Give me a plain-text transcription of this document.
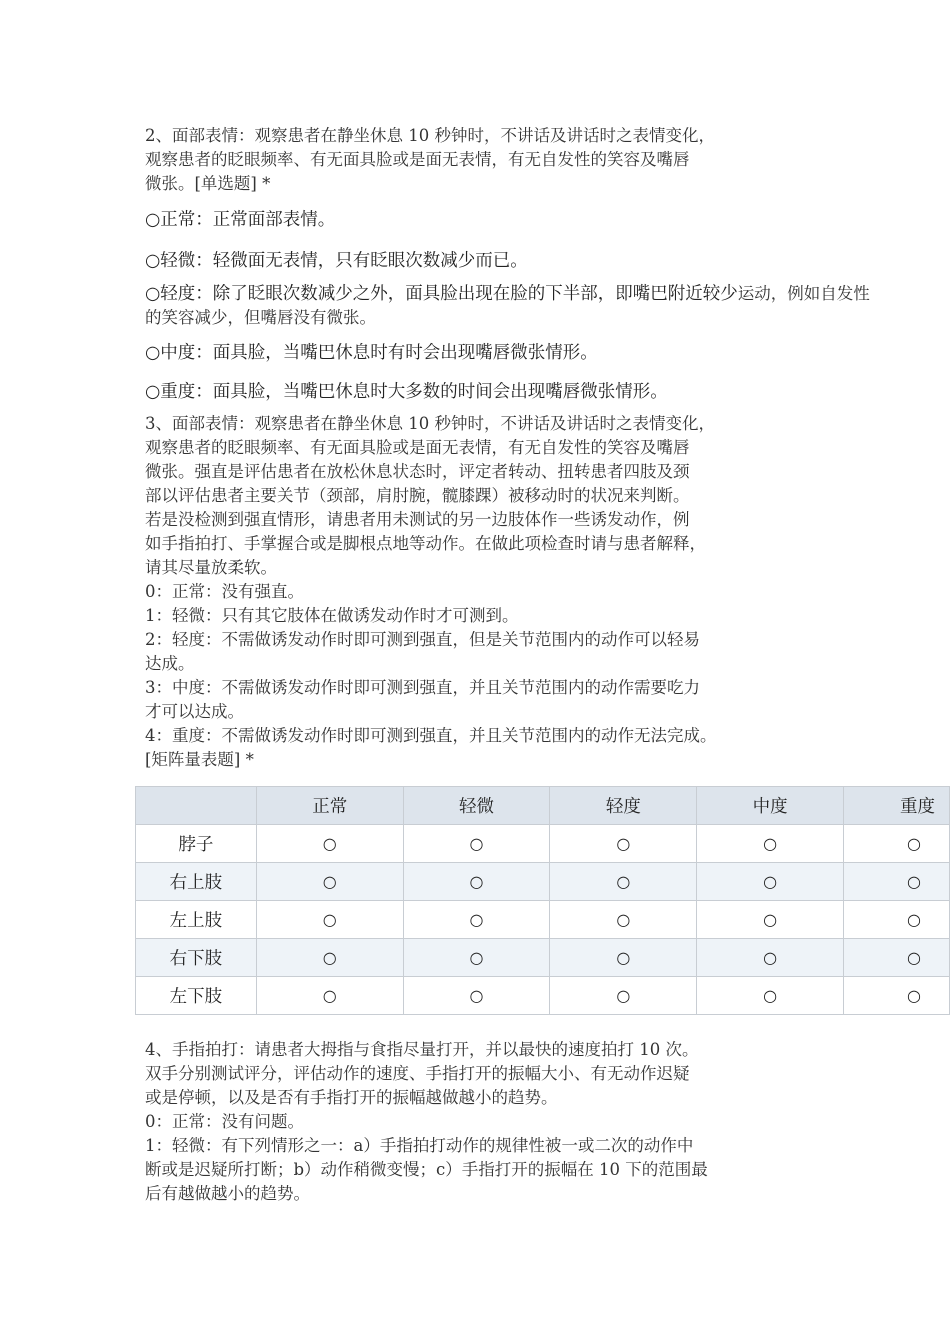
2、面部表情：观察患者在静坐休息 10 秒钟时，不讲话及讲话时之表情变化，
观察患者的眨眼频率、有无面具脸或是面无表情，有无自发性的笑容及嘴唇
微张。[单选题] *
○正常：正常面部表情。
○轻微：轻微面无表情，只有眨眼次数减少而已。
○轻度：除了眨眼次数减少之外，面具脸出现在脸的下半部，即嘴巴附近较少运动，例如自发性
的笑容减少，但嘴唇没有微张。
○中度：面具脸，当嘴巴休息时有时会出现嘴唇微张情形。
○重度：面具脸，当嘴巴休息时大多数的时间会出现嘴唇微张情形。
3、面部表情：观察患者在静坐休息 10 秒钟时，不讲话及讲话时之表情变化，
观察患者的眨眼频率、有无面具脸或是面无表情，有无自发性的笑容及嘴唇
微张。强直是评估患者在放松休息状态时，评定者转动、扭转患者四肢及颈
部以评估患者主要关节（颈部，肩肘腕，髋膝踝）被移动时的状况来判断。
若是没检测到强直情形，请患者用未测试的另一边肢体作一些诱发动作，例
如手指拍打、手掌握合或是脚根点地等动作。在做此项检查时请与患者解释，
请其尽量放柔软。
0：正常：没有强直。
1：轻微：只有其它肢体在做诱发动作时才可测到。
2：轻度：不需做诱发动作时即可测到强直，但是关节范围内的动作可以轻易
达成。
3：中度：不需做诱发动作时即可测到强直，并且关节范围内的动作需要吃力
才可以达成。
4：重度：不需做诱发动作时即可测到强直，并且关节范围内的动作无法完成。
[矩阵量表题] *
	正常	轻微	轻度	中度	重度
脖子	○	○	○	○	○
右上肢	○	○	○	○	○
左上肢	○	○	○	○	○
右下肢	○	○	○	○	○
左下肢	○	○	○	○	○
4、手指拍打：请患者大拇指与食指尽量打开，并以最快的速度拍打 10 次。
双手分别测试评分，评估动作的速度、手指打开的振幅大小、有无动作迟疑
或是停顿，以及是否有手指打开的振幅越做越小的趋势。
0：正常：没有问题。
1：轻微：有下列情形之一：a）手指拍打动作的规律性被一或二次的动作中
断或是迟疑所打断；b）动作稍微变慢；c）手指打开的振幅在 10 下的范围最
后有越做越小的趋势。
